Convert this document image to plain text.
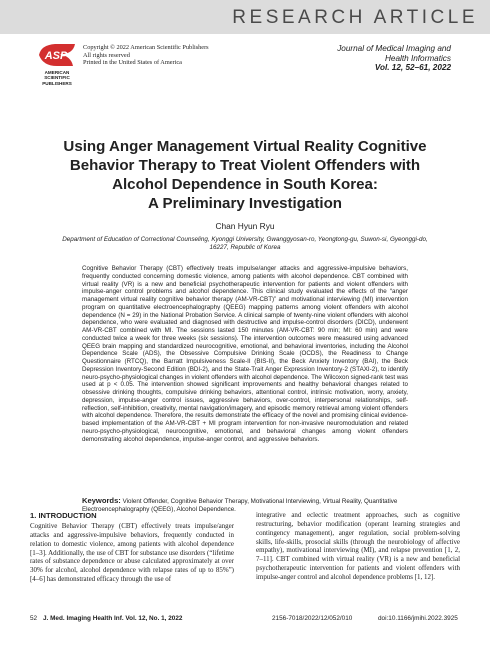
RESEARCH ARTICLE
ASP
AMERICAN
SCIENTIFIC
PUBLISHERS
Copyright © 2022 American Scientific Publishers
All rights reserved
Printed in the United States of America
Journal of Medical Imaging and
Health Informatics
Vol. 12, 52–61, 2022
Using Anger Management Virtual Reality Cognitive
Behavior Therapy to Treat Violent Offenders with
Alcohol Dependence in South Korea:
A Preliminary Investigation
Chan Hyun Ryu
Department of Education of Correctional Counseling, Kyonggi University, Gwanggyosan-ro, Yeongtong-gu, Suwon-si, Gyeonggi-do,
16227, Republic of Korea
Cognitive Behavior Therapy (CBT) effectively treats impulse/anger attacks and aggressive-impulsive behaviors, frequently conducted concerning domestic violence, among patients with alcohol dependence. CBT combined with virtual reality (VR) is a new and beneficial psychotherapeutic intervention for patients and violent offenders with impulse-anger control problems and alcohol dependence. This clinical study evaluated the effects of the “anger management virtual reality cognitive behavior therapy (AM-VR-CBT)” and motivational interviewing (MI) intervention program on quantitative electroencephalography (QEEG) mapping patterns among violent offenders with alcohol dependence (N = 29) in the National Probation Service. A clinical sample of twenty-nine violent offenders with alcohol dependence, who were evaluated and diagnosed with destructive and impulse-control disorders (DICD), underwent AM-VR-CBT combined with MI. The sessions lasted 150 minutes (AM-VR-CBT: 90 min; MI: 60 min) and were conducted twice a week for three weeks (six sessions). The intervention outcomes were measured using advanced QEEG brain mapping and standardized neurocognitive, emotional, and behavioral inventories, including the Alcohol Dependence Scale (ADS), the Obsessive Compulsive Drinking Scale (OCDS), the Readiness to Change Questionnaire (RTCQ), the Barratt Impulsiveness Scale-II (BIS-II), the Beck Anxiety Inventory (BAI), the Beck Depression Inventory-Second Edition (BDI-2), and the State-Trait Anger Expression Inventory-2 (STAXI-2), to identify neuro-psycho-physiological changes in violent offenders with alcohol dependence. The Wilcoxon signed-rank test was used at p < 0.05. The intervention showed significant improvements and healthy behavioral changes related to obsessive drinking thoughts, compulsive drinking behaviors, attentional control, intrinsic motivation, worry, anxiety, depression, impulse-anger control issues, aggressive behaviors, over-control, interpersonal relationships, self-reflection, self-inhibition, creativity, mental navigation/imagery, and episodic memory retrieval among violent offenders with alcohol dependence. Therefore, the results demonstrate the efficacy of the novel and promising clinical evidence-based implementation of the AM-VR-CBT + MI program intervention for non-invasive neuromodulation and related neuro-psycho-physiological, neurocognitive, emotional, and behavioral changes among violent offenders demonstrating alcohol dependence, impulse-anger control, and aggressive behaviors.
Keywords: Violent Offender, Cognitive Behavior Therapy, Motivational Interviewing, Virtual Reality, Quantitative Electroencephalography (QEEG), Alcohol Dependence.
1. INTRODUCTION
Cognitive Behavior Therapy (CBT) effectively treats impulse/anger attacks and aggressive-impulsive behaviors, frequently conducted in relation to domestic violence, among patients with alcohol dependence [1–3]. Additionally, the use of CBT for substance use disorders (“lifetime rates of substance dependence or abuse calculated approximately at over 30% for alcohol, alcohol dependence with relapse rates of up to 85%”) [4–6] has demonstrated efficacy through the use of
integrative and eclectic treatment approaches, such as cognitive restructuring, behavior modification (operant learning strategies and contingency management), anger regulation, social problem-solving skills, life-skills, prosocial skills (through the neurobiology of affective empathy), motivational interviewing (MI), and relapse prevention [1, 2, 7–11]. CBT combined with virtual reality (VR) is a new and beneficial psychotherapeutic intervention for patients and violent offenders with impulse-anger control and alcohol dependence problems [1, 12].
52 J. Med. Imaging Health Inf. Vol. 12, No. 1, 2022	2156-7018/2022/12/052/010	doi:10.1166/jmihi.2022.3925
